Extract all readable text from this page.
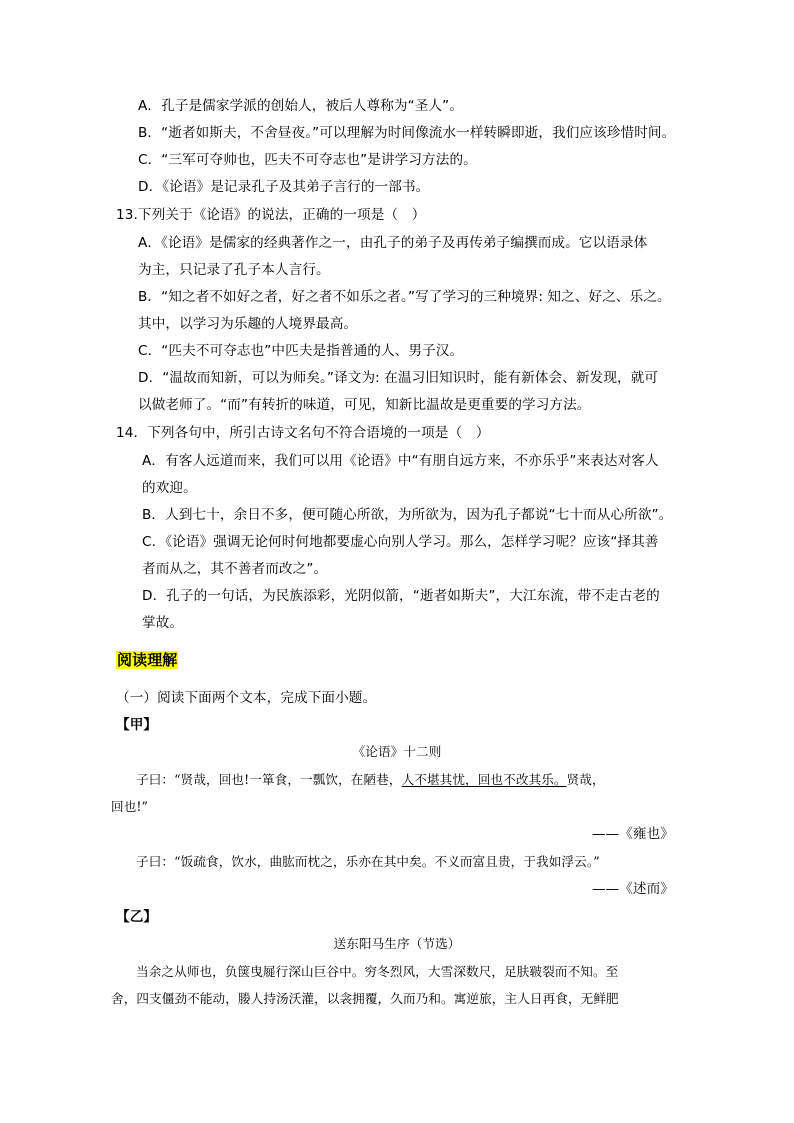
A．孔子是儒家学派的创始人，被后人尊称为“圣人”。
B．“逝者如斯夫，不舍昼夜。”可以理解为时间像流水一样转瞬即逝，我们应该珍惜时间。
C．“三军可夺帅也，匹夫不可夺志也”是讲学习方法的。
D．《论语》是记录孔子及其弟子言行的一部书。
13.下列关于《论语》的说法，正确的一项是（　）
A．《论语》是儒家的经典著作之一，由孔子的弟子及再传弟子编撰而成。它以语录体
为主，只记录了孔子本人言行。
B．“知之者不如好之者，好之者不如乐之者。”写了学习的三种境界: 知之、好之、乐之。
其中，以学习为乐趣的人境界最高。
C．“匹夫不可夺志也”中匹夫是指普通的人、男子汉。
D．“温故而知新，可以为师矣。”译文为: 在温习旧知识时，能有新体会、新发现，就可
以做老师了。“而”有转折的味道，可见，知新比温故是更重要的学习方法。
14．下列各句中，所引古诗文名句不符合语境的一项是（　）
A．有客人远道而来，我们可以用《论语》中“有朋自远方来，不亦乐乎”来表达对客人
的欢迎。
B．人到七十，余日不多，便可随心所欲，为所欲为，因为孔子都说“七十而从心所欲”。
C．《论语》强调无论何时何地都要虚心向别人学习。那么，怎样学习呢？应该“择其善
者而从之，其不善者而改之”。
D．孔子的一句话，为民族添彩，光阴似箭，“逝者如斯夫”，大江东流，带不走古老的
掌故。
阅读理解
（一）阅读下面两个文本，完成下面小题。
【甲】
《论语》十二则
子曰：“贤哉，回也!一箪食，一瓢饮，在陋巷，人不堪其忧，回也不改其乐。贤哉，
回也!”
——《雍也》
子曰：“饭疏食，饮水，曲肱而枕之，乐亦在其中矣。不义而富且贵，于我如浮云。”
——《述而》
【乙】
送东阳马生序（节选）
当余之从师也，负箧曳屣行深山巨谷中。穷冬烈风，大雪深数尺，足肤皲裂而不知。至
舍，四支僵劲不能动，媵人持汤沃灌，以衾拥覆，久而乃和。寓逆旅，主人日再食，无鲜肥
